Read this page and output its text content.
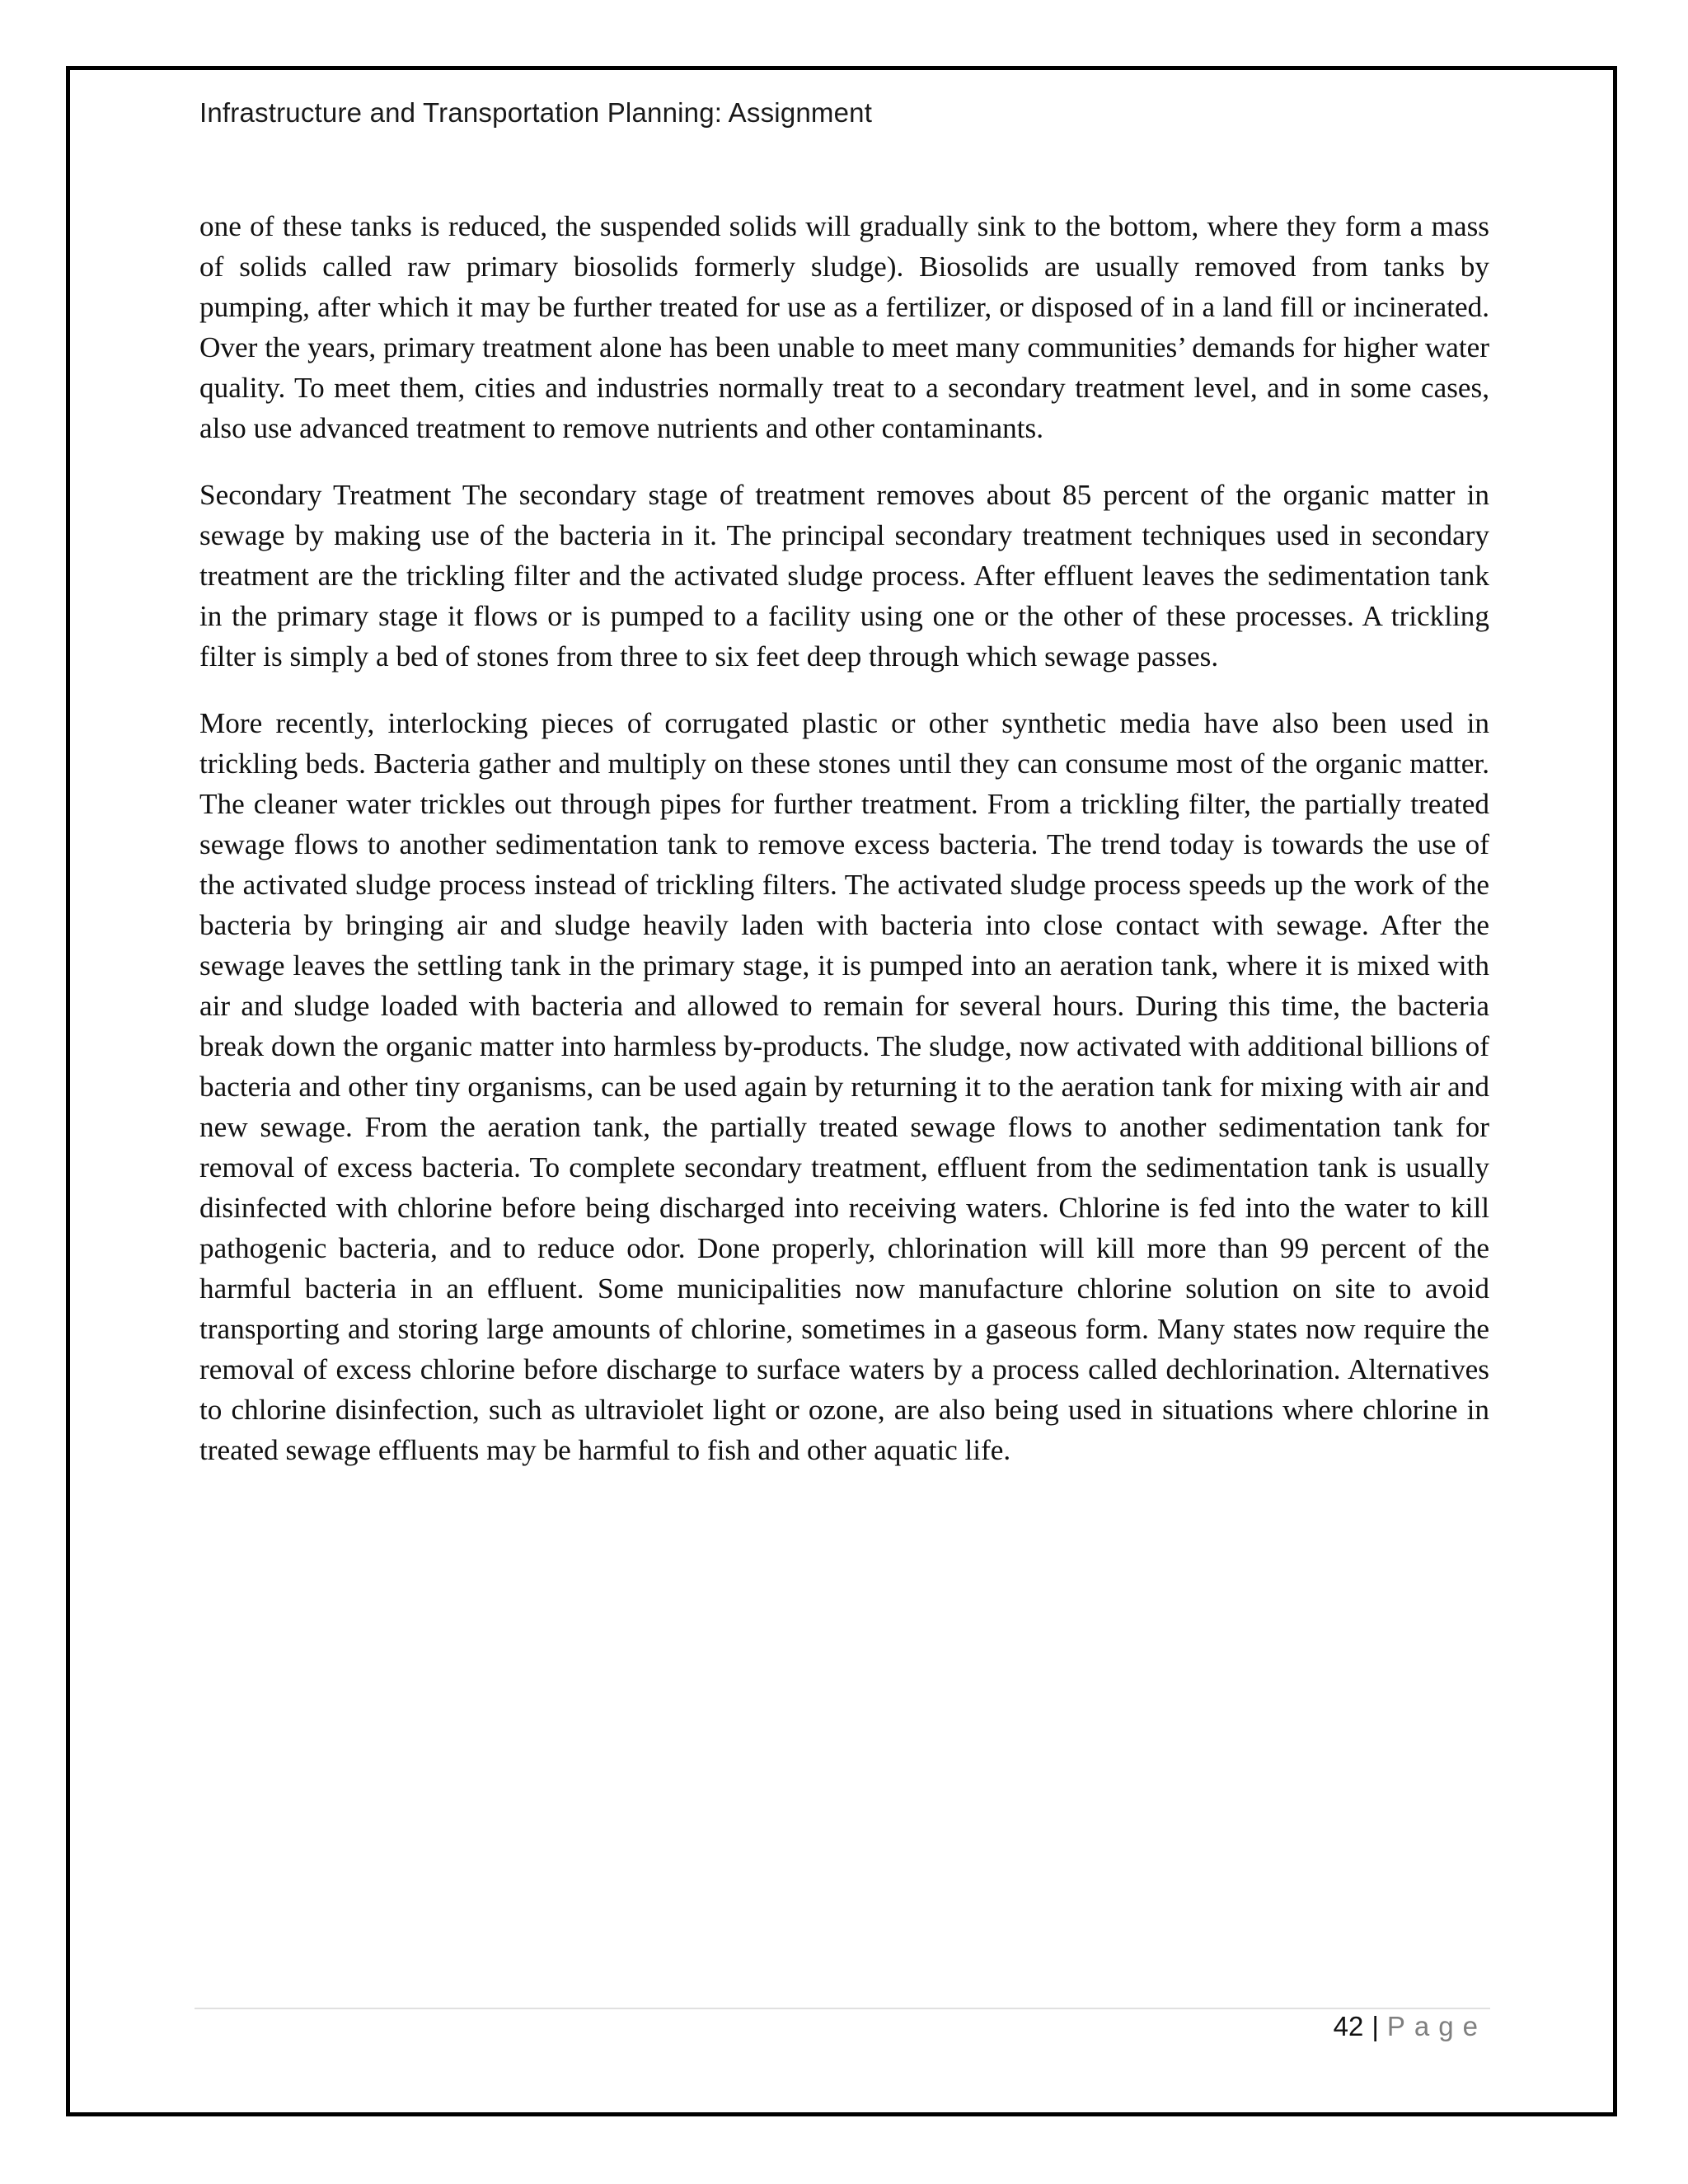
Infrastructure and Transportation Planning: Assignment

one of these tanks is reduced, the suspended solids will gradually sink to the bottom, where they form a mass of solids called raw primary biosolids formerly sludge). Biosolids are usually removed from tanks by pumping, after which it may be further treated for use as a fertilizer, or disposed of in a land fill or incinerated. Over the years, primary treatment alone has been unable to meet many communities’ demands for higher water quality. To meet them, cities and industries normally treat to a secondary treatment level, and in some cases, also use advanced treatment to remove nutrients and other contaminants.

Secondary Treatment The secondary stage of treatment removes about 85 percent of the organic matter in sewage by making use of the bacteria in it. The principal secondary treatment techniques used in secondary treatment are the trickling filter and the activated sludge process. After effluent leaves the sedimentation tank in the primary stage it flows or is pumped to a facility using one or the other of these processes. A trickling filter is simply a bed of stones from three to six feet deep through which sewage passes.

More recently, interlocking pieces of corrugated plastic or other synthetic media have also been used in trickling beds. Bacteria gather and multiply on these stones until they can consume most of the organic matter. The cleaner water trickles out through pipes for further treatment. From a trickling filter, the partially treated sewage flows to another sedimentation tank to remove excess bacteria. The trend today is towards the use of the activated sludge process instead of trickling filters. The activated sludge process speeds up the work of the bacteria by bringing air and sludge heavily laden with bacteria into close contact with sewage. After the sewage leaves the settling tank in the primary stage, it is pumped into an aeration tank, where it is mixed with air and sludge loaded with bacteria and allowed to remain for several hours. During this time, the bacteria break down the organic matter into harmless by-products. The sludge, now activated with additional billions of bacteria and other tiny organisms, can be used again by returning it to the aeration tank for mixing with air and new sewage. From the aeration tank, the partially treated sewage flows to another sedimentation tank for removal of excess bacteria. To complete secondary treatment, effluent from the sedimentation tank is usually disinfected with chlorine before being discharged into receiving waters. Chlorine is fed into the water to kill pathogenic bacteria, and to reduce odor. Done properly, chlorination will kill more than 99 percent of the harmful bacteria in an effluent. Some municipalities now manufacture chlorine solution on site to avoid transporting and storing large amounts of chlorine, sometimes in a gaseous form. Many states now require the removal of excess chlorine before discharge to surface waters by a process called dechlorination. Alternatives to chlorine disinfection, such as ultraviolet light or ozone, are also being used in situations where chlorine in treated sewage effluents may be harmful to fish and other aquatic life.

42 | Page
